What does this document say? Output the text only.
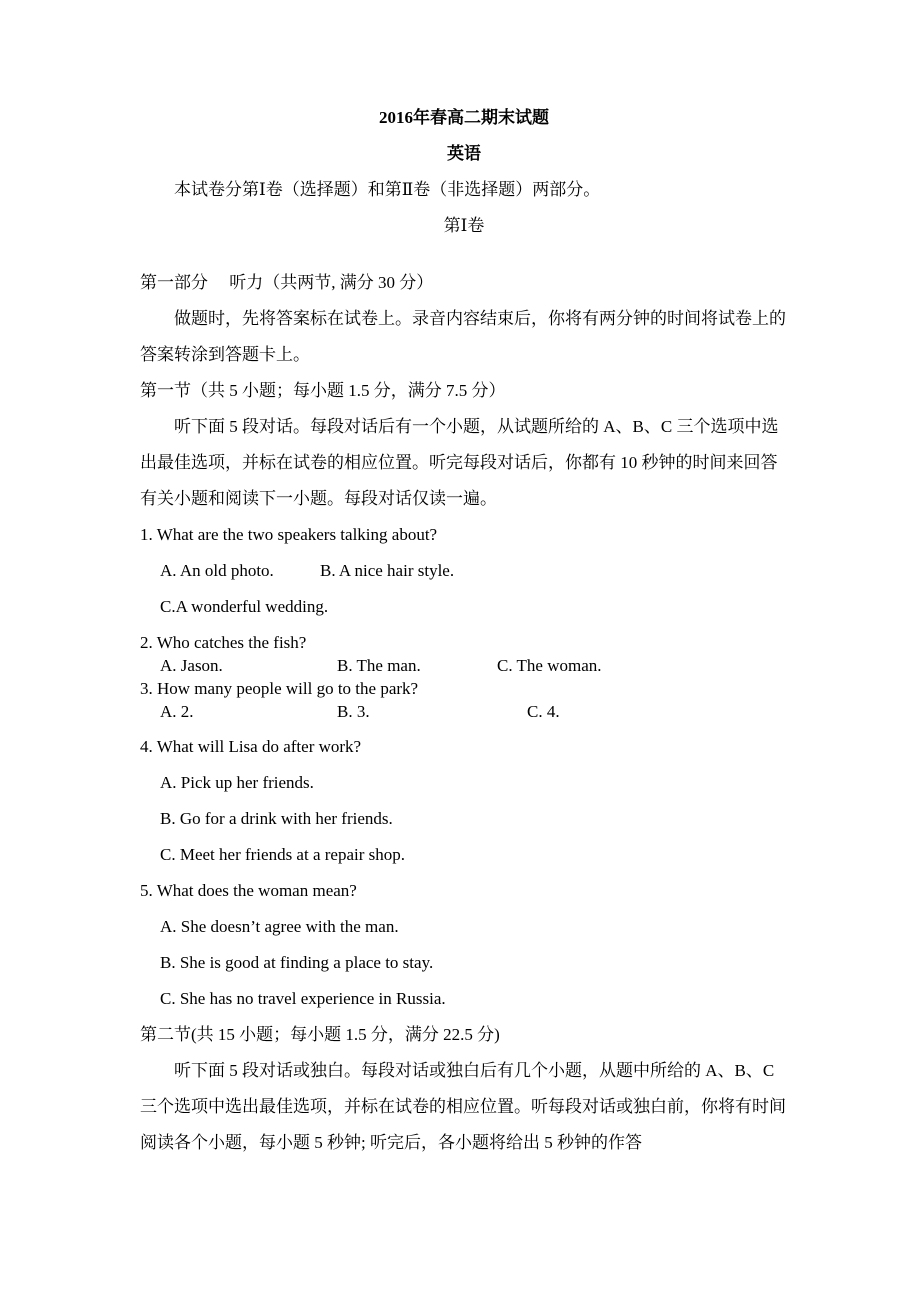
2016年春高二期末试题

英语

本试卷分第Ⅰ卷（选择题）和第Ⅱ卷（非选择题）两部分。

第Ⅰ卷

第一部分　 听力（共两节, 满分 30 分）

做题时，先将答案标在试卷上。录音内容结束后，你将有两分钟的时间将试卷上的答案转涂到答题卡上。

第一节（共 5 小题；每小题 1.5 分，满分 7.5 分）

听下面 5 段对话。每段对话后有一个小题，从试题所给的 A、B、C 三个选项中选出最佳选项，并标在试卷的相应位置。听完每段对话后，你都有 10 秒钟的时间来回答有关小题和阅读下一小题。每段对话仅读一遍。

1. What are the two speakers talking about?

A. An old photo.	B. A nice hair style.

C.A wonderful wedding.

2. Who catches the fish?

A. Jason.	B. The man.	C. The woman.

3. How many people will go to the park?

A. 2.	B. 3.	C. 4.

4. What will Lisa do after work?

A. Pick up her friends.

B. Go for a drink with her friends.

C. Meet her friends at a repair shop.

5. What does the woman mean?

A. She doesn’t agree with the man.

B. She is good at finding a place to stay.

C. She has no travel experience in Russia.

第二节(共 15 小题；每小题 1.5 分，满分 22.5 分)

听下面 5 段对话或独白。每段对话或独白后有几个小题，从题中所给的 A、B、C 三个选项中选出最佳选项，并标在试卷的相应位置。听每段对话或独白前，你将有时间阅读各个小题，每小题 5 秒钟; 听完后，各小题将给出 5 秒钟的作答
